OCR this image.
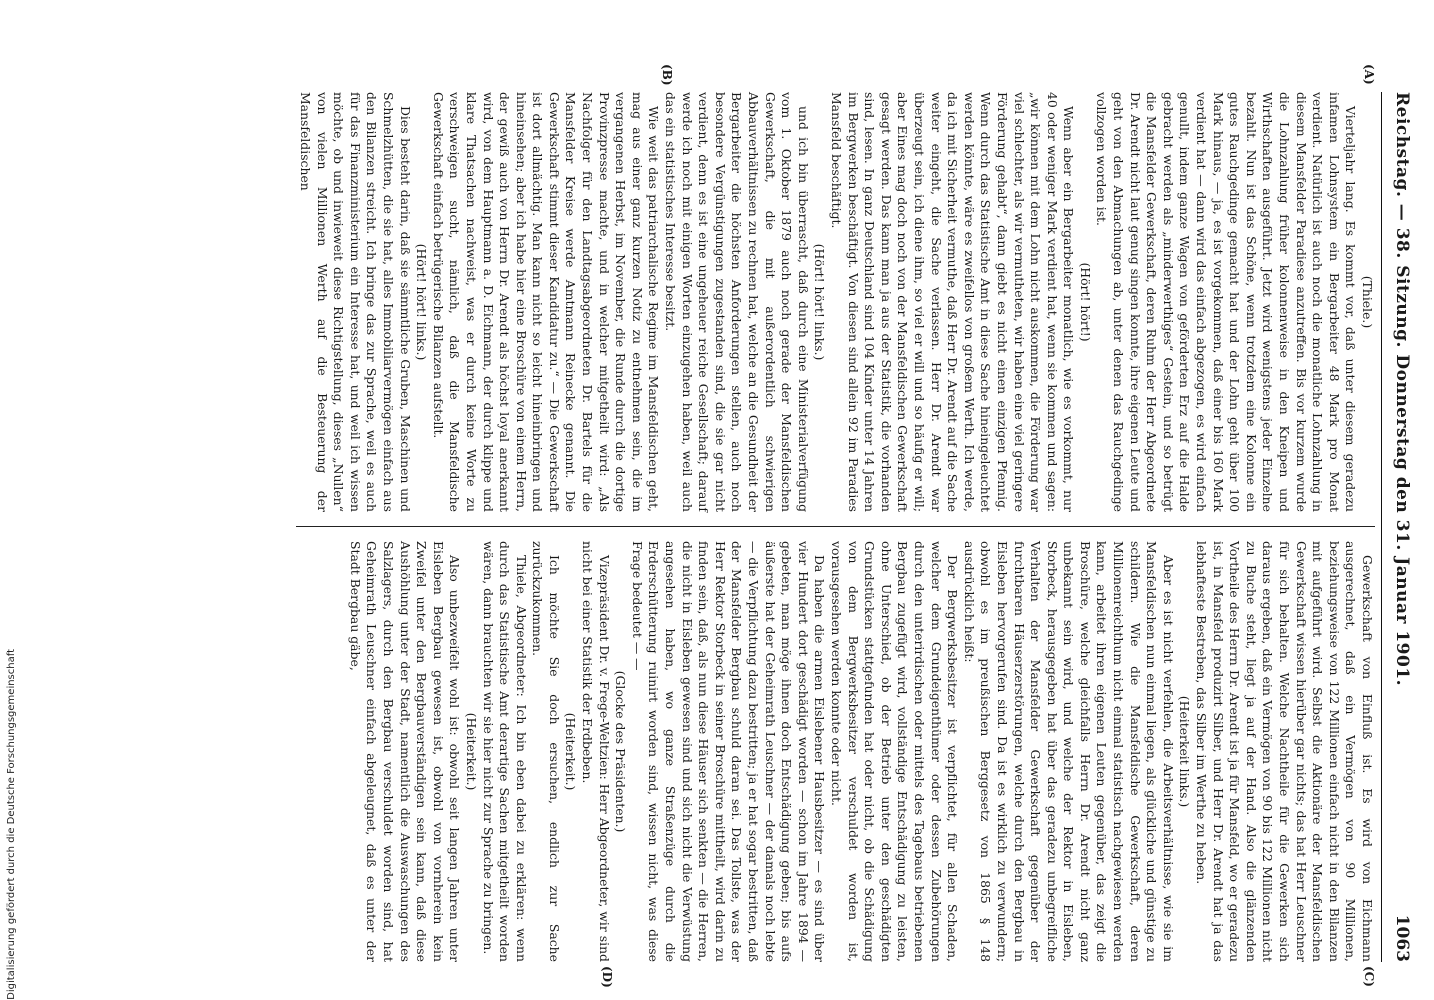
Digitalisierung gefördert durch die Deutsche Forschungsgemeinschaft
Reichstag. — 38. Sitzung. Donnerstag den 31. Januar 1901.
1063

(Thiele.)

Vierteljahr lang. Es kommt vor, daß unter diesem geradezu infamen Lohnsystem ein Bergarbeiter 48 Mark pro Monat verdient. Natürlich ist auch noch die monatliche Lohnzahlung in diesem Mansfelder Paradiese anzutreffen. Bis vor kurzem wurde die Lohnzahlung früher kolonnenweise in den Kneipen und Wirthschaften ausgeführt. Jetzt wird wenigstens jeder Einzelne bezahlt. Nun ist das Schöne, wenn trotzdem eine Kolonne ein gutes Rauchgedinge gemacht hat und der Lohn geht über 100 Mark hinaus, — ja, es ist vorgekommen, daß einer bis 160 Mark verdient hat — dann wird das einfach abgezogen, es wird einfach genullt, indem ganze Wagen von geförderten Erz auf die Halde gebracht werden als „minderwerthiges“ Gestein, und so betrügt die Mansfelder Gewerkschaft, deren Ruhm der Herr Abgeordnete Dr. Arendt nicht laut genug singen konnte, ihre eigenen Leute und geht von den Abmachungen ab, unter denen das Rauchgedinge vollzogen worden ist.

(Hört! hört!)

Wenn aber ein Bergarbeiter monatlich, wie es vorkommt, nur 40 oder weniger Mark verdient hat, wenn sie kommen und sagen: „wir können mit dem Lohn nicht auskommen, die Förderung war viel schlechter, als wir vermutheten, wir haben eine viel geringere Förderung gehabt“, dann giebt es nicht einen einzigen Pfennig. Wenn durch das Statistische Amt in diese Sache hineingeleuchtet werden könnte, wäre es zweifellos von großem Werth. Ich werde, da ich mit Sicherheit vermuthe, daß Herr Dr. Arendt auf die Sache weiter eingeht, die Sache verlassen. Herr Dr. Arendt war überzeugt sein, ich diene ihm, so viel er will und so häufig er will; aber Eines mag doch noch von der Mansfeldischen Gewerkschaft gesagt werden. Das kann man ja aus der Statistik, die vorhanden sind, lesen. In ganz Deutschland sind 104 Kinder unter 14 Jahren im Bergwerken beschäftigt. Von diesen sind allein 92 im Paradies Mansfeld beschäftigt.

(Hört! hört! links.)

und ich bin überrascht, daß durch eine Ministerialverfügung vom 1. Oktober 1879 auch noch gerade der Mansfeldischen Gewerkschaft, die mit außerordentlich schwierigen Abbauverhältnissen zu rechnen hat, welche an die Gesundheit der Bergarbeiter die höchsten Anforderungen stellen, auch noch besondere Vergünstigungen zugestanden sind, die sie gar nicht verdient, denn es ist eine ungeheuer reiche Gesellschaft; darauf werde ich noch mit einigen Worten einzugehen haben, weil auch das ein statistisches Interesse besitzt.

Wie weit das patriarchalische Regime im Mansfeldischen geht, mag aus einer ganz kurzen Notiz zu entnehmen sein, die im vergangenen Herbst, im November, die Runde durch die dortige Provinzpresse machte, und in welcher mitgetheilt wird: „Als Nachfolger für den Landtagsabgeordneten Dr. Bartels für die Mansfelder Kreise werde Amtmann Reinecke genannt. Die Gewerkschaft stimmt dieser Kandidatur zu.“ — Die Gewerkschaft ist dort allmächtig. Man kann nicht so leicht hineinbringen und hineinsehen; aber ich habe hier eine Broschüre von einem Herrn, der gewiß auch von Herrn Dr. Arendt als höchst loyal anerkannt wird, von dem Hauptmann a. D. Eichmann, der durch klippe und klare Thatsachen nachweist, was er durch keine Worte zu verschweigen sucht, nämlich, daß die Mansfeldische Gewerkschaft einfach betrügerische Bilanzen aufstellt.

(Hört! hört! links.)

Dies besteht darin, daß sie sämmtliche Gruben, Maschinen und Schmelzhütten, die sie hat, alles Immobiliarvermögen einfach aus den Bilanzen streicht. Ich bringe das zur Sprache, weil es auch für das Finanzministerium ein Interesse hat, und weil ich wissen möchte, ob und inwieweit diese Richtigstellung, dieses „Nullen“ von vielen Millionen Werth auf die Besteuerung der Mansfeldischen

Gewerkschaft von Einfluß ist. Es wird von Eichmann ausgerechnet, daß ein Vermögen von 90 Millionen, beziehungsweise von 122 Millionen einfach nicht in den Bilanzen mit aufgeführt wird. Selbst die Aktionäre der Mansfeldischen Gewerkschaft wissen hierüber gar nichts; das hat Herr Leuschner für sich behalten. Welche Nachtheile für die Gewerken sich daraus ergeben, daß ein Vermögen von 90 bis 122 Millionen nicht zu Buche steht, liegt ja auf der Hand. Also die glänzenden Vortheile des Herrn Dr. Arendt ist ja für Mansfeld, wo er geradezu ist, in Mansfeld produzirt Silber, und Herr Dr. Arendt hat ja das lebhafteste Bestreben, das Silber im Werthe zu heben.

(Heiterkeit links.)

Aber es ist nicht verfehlen, die Arbeitsverhältnisse, wie sie im Mansfeldischen nun einmal liegen, als glückliche und günstige zu schildern. Wie die Mansfeldische Gewerkschaft, deren Millionenreichthum nicht einmal statistisch nachgewiesen werden kann, arbeitet ihren eigenen Leuten gegenüber, das zeigt die Broschüre, welche gleichfalls Herrn Dr. Arendt nicht ganz unbekannt sein wird, und welche der Rektor in Eisleben, Storbeck, herausgegeben hat über das geradezu unbegreifliche Verhalten der Mansfelder Gewerkschaft gegenüber der furchtbaren Häuserzerstörungen, welche durch den Bergbau in Eisleben hervorgerufen sind. Da ist es wirklich zu verwundern; obwohl es im preußischen Berggesetz von 1865 § 148 ausdrücklich heißt:

Der Bergwerksbesitzer ist verpflichtet, für allen Schaden, welcher dem Grundeigenthümer oder dessen Zubehörungen durch den unterirdischen oder mittels des Tagebaus betriebenen Bergbau zugefügt wird, vollständige Entschädigung zu leisten, ohne Unterschied, ob der Betrieb unter den geschädigten Grundstücken stattgefunden hat oder nicht, ob die Schädigung von dem Bergwerksbesitzer verschuldet worden ist, vorausgesehen werden konnte oder nicht.

Da haben die armen Eislebener Hausbesitzer — es sind über vier Hundert dort geschädigt worden — schon im Jahre 1894 — gebeten, man möge ihnen doch Entschädigung geben; bis aufs äußerste hat der Geheimrath Leuschner — der damals noch lebte — die Verpflichtung dazu bestritten; ja er hat sogar bestritten, daß der Mansfelder Bergbau schuld daran sei. Das Tollste, was der Herr Rektor Storbeck in seiner Broschüre mittheilt, wird darin zu finden sein, daß, als nun diese Häuser sich senkten — die Herren, die nicht in Eisleben gewesen sind und sich nicht die Verwüstung angesehen haben, wo ganze Straßenzüge durch die Erderschütterung ruinirt worden sind, wissen nicht, was diese Frage bedeutet — —

(Glocke des Präsidenten.)

Vizepräsident Dr. v. Frege-Weltzien: Herr Abgeordneter, wir sind nicht bei einer Statistik der Erdbeben.

(Heiterkeit.)

Ich möchte Sie doch ersuchen, endlich zur Sache zurückzukommen.

Thiele, Abgeordneter: Ich bin eben dabei zu erklären: wenn durch das Statistische Amt derartige Sachen mitgetheilt worden wären, dann brauchten wir sie hier nicht zur Sprache zu bringen.

(Heiterkeit.)

Also unbezweifelt wohl ist: obwohl seit langen Jahren unter Eisleben Bergbau gewesen ist, obwohl von vornherein kein Zweifel unter den Bergbauverständigen sein kann, daß diese Aushöhlung unter der Stadt, namentlich die Auswaschungen des Salzlagers, durch den Bergbau verschuldet worden sind, hat Geheimrath Leuschner einfach abgeleugnet, daß es unter der Stadt Bergbau gäbe,

(A)
(B)
(C)
(D)
